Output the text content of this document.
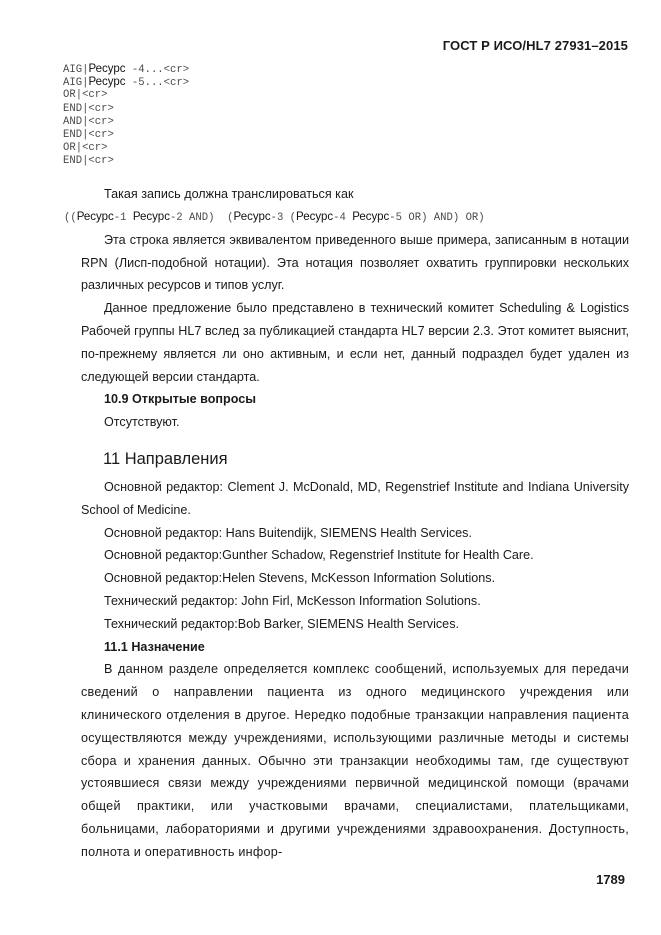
ГОСТ Р ИСО/HL7 27931–2015
AIG|Ресурс -4...<cr>
AIG|Ресурс -5...<cr>
OR|<cr>
END|<cr>
AND|<cr>
END|<cr>
OR|<cr>
END|<cr>

Такая запись должна транслироваться как

((Ресурс-1 Ресурс-2 AND)  (Ресурс-3 (Ресурс-4 Ресурс-5 OR) AND) OR)

Эта строка является эквивалентом приведенного выше примера, записанным в нотации RPN (Лисп-подобной нотации). Эта нотация позволяет охватить группировки нескольких различных ресурсов и типов услуг.

Данное предложение было представлено в технический комитет Scheduling & Logistics Рабочей группы HL7 вслед за публикацией стандарта HL7 версии 2.3. Этот комитет выяснит, по-прежнему является ли оно активным, и если нет, данный подраздел будет удален из следующей версии стандарта.

10.9 Открытые вопросы

Отсутствуют.

11 Направления

Основной редактор: Clement J. McDonald, MD, Regenstrief Institute and Indiana University School of Medicine.

Основной редактор: Hans Buitendijk, SIEMENS Health Services.

Основной редактор:Gunther Schadow, Regenstrief Institute for Health Care.

Основной редактор:Helen Stevens, McKesson Information Solutions.

Технический редактор: John Firl, McKesson Information Solutions.

Технический редактор:Bob Barker, SIEMENS Health Services.

11.1 Назначение

В данном разделе определяется комплекс сообщений, используемых для передачи сведений о направлении пациента из одного медицинского учреждения или клинического отделения в другое. Нередко подобные транзакции направления пациента осуществляются между учреждениями, использующими различные методы и системы сбора и хранения данных. Обычно эти транзакции необходимы там, где существуют устоявшиеся связи между учреждениями первичной медицинской помощи (врачами общей практики, или участковыми врачами, специалистами, плательщиками, больницами, лабораториями и другими учреждениями здравоохранения. Доступность, полнота и оперативность инфор-

1789
